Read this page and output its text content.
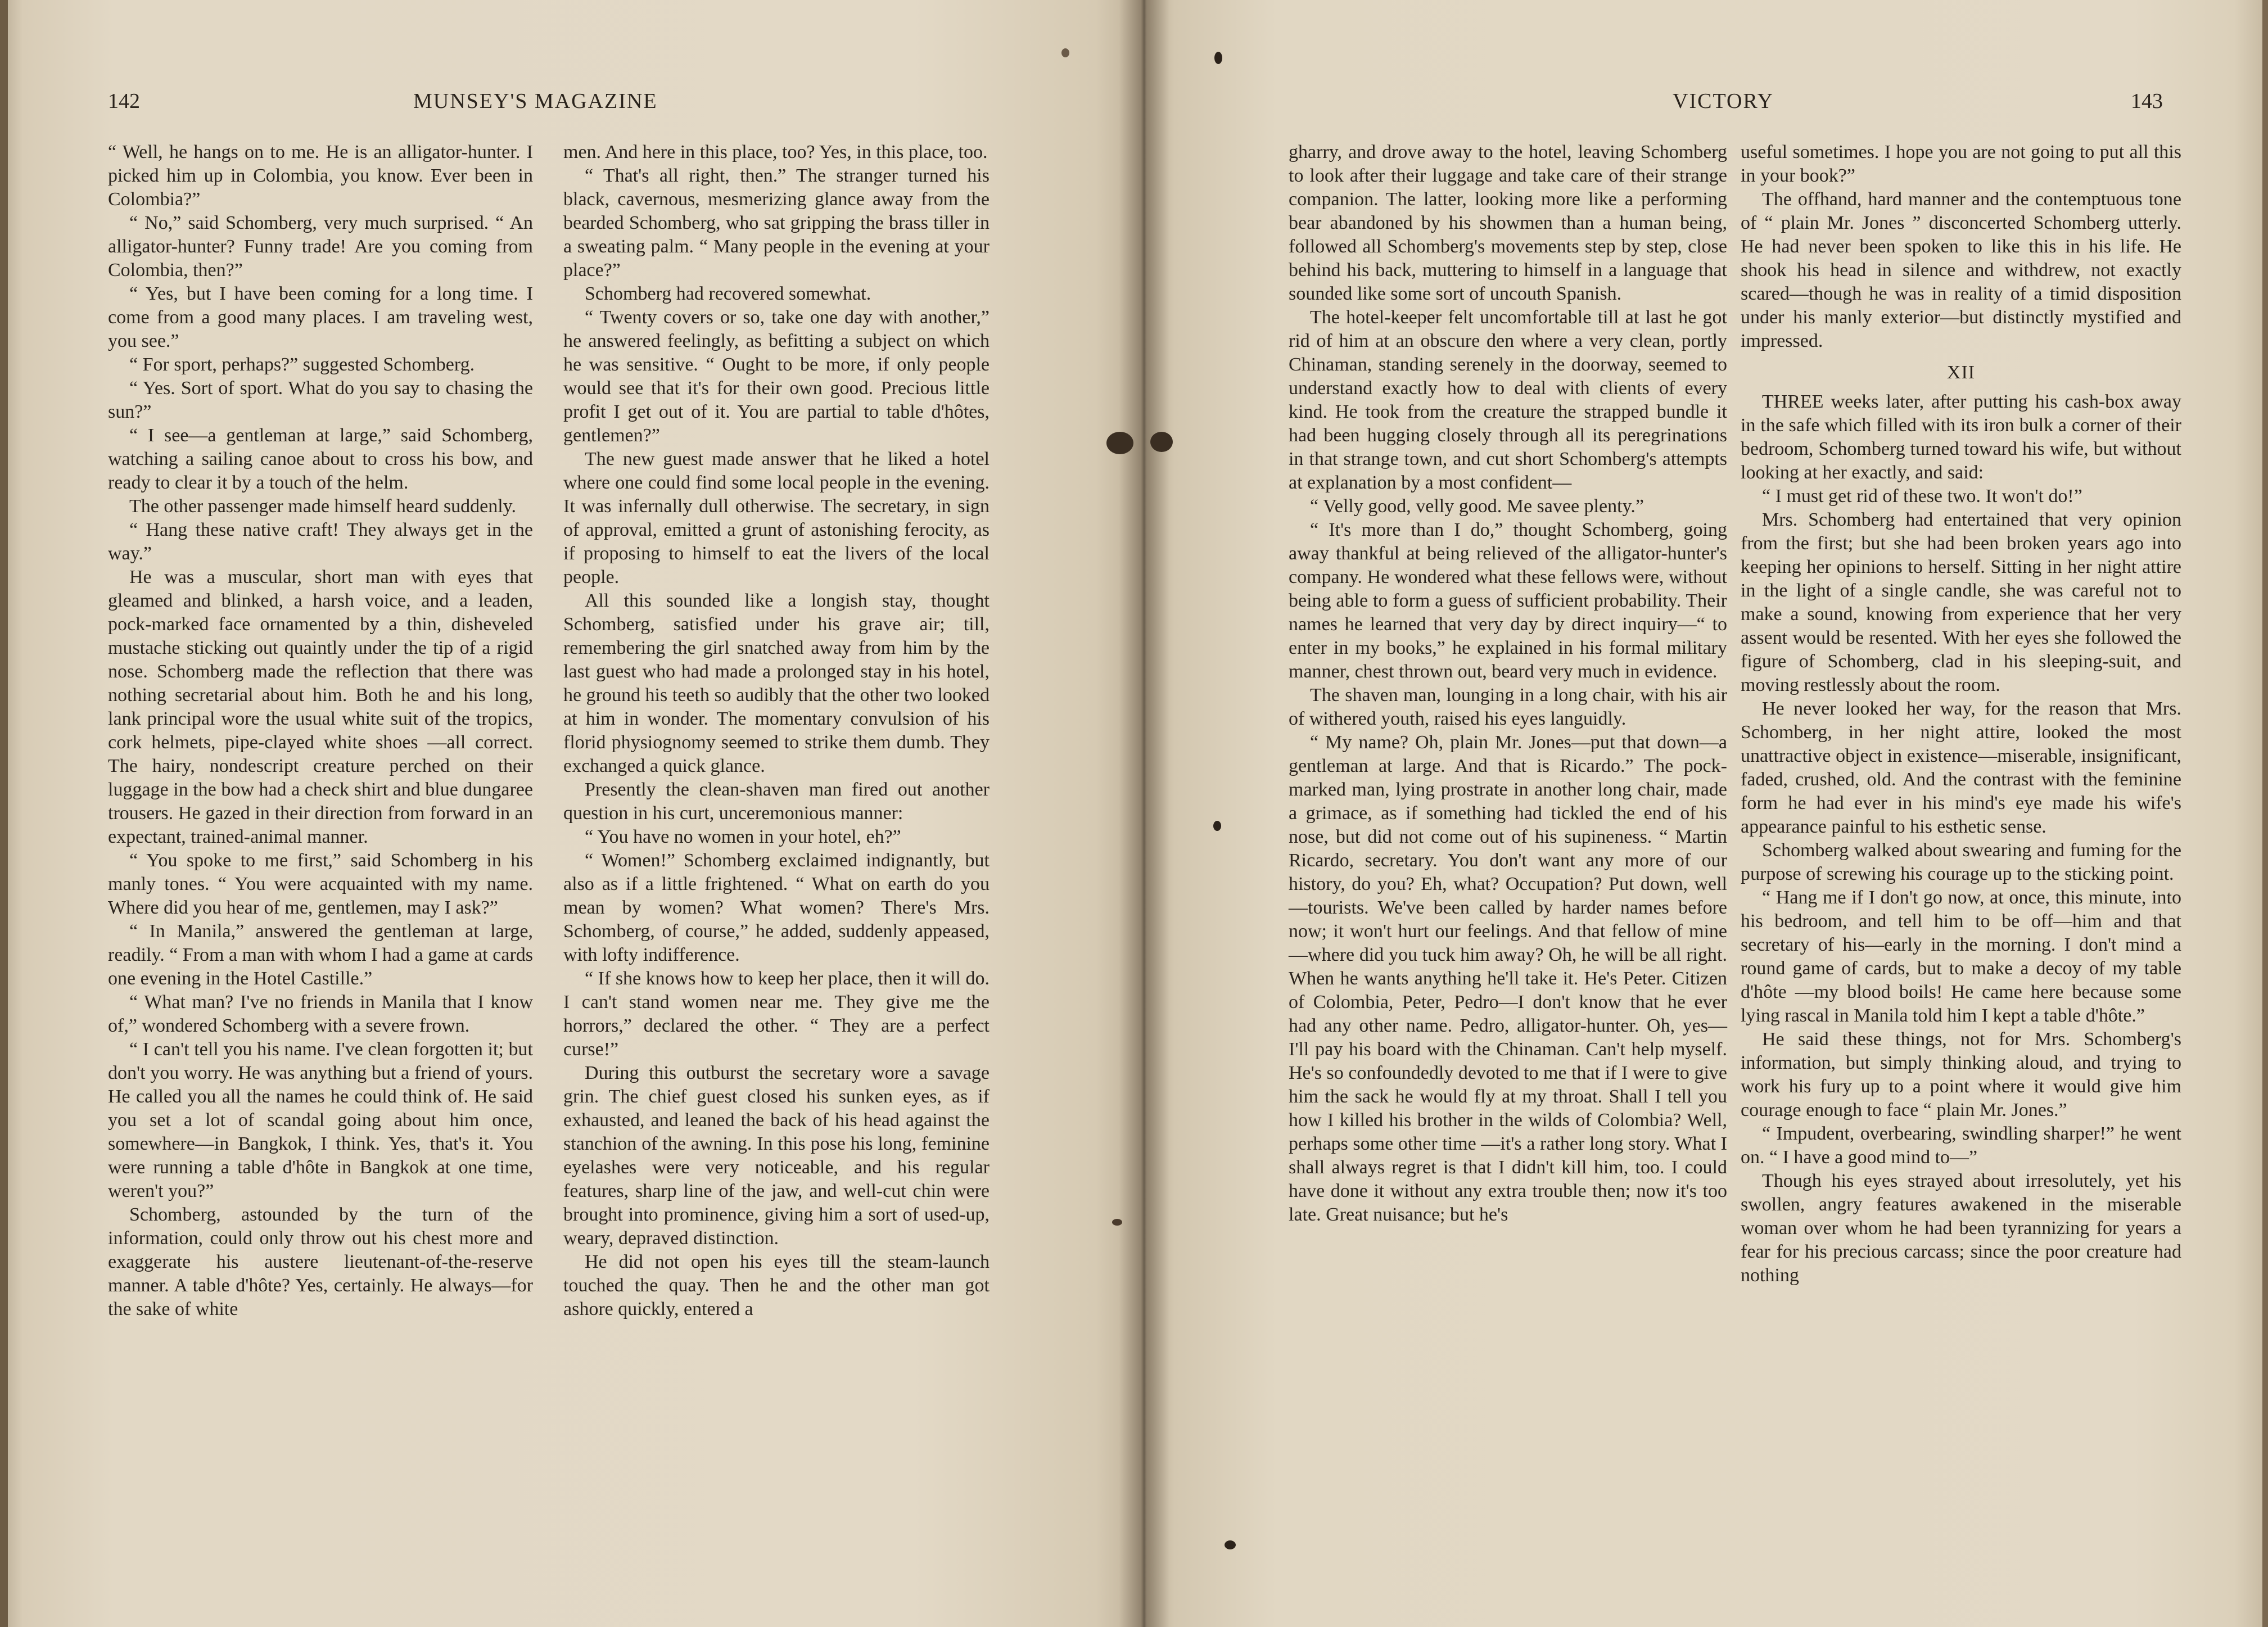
142	MUNSEY'S MAGAZINE

“ Well, he hangs on to me. He is an alligator-hunter. I picked him up in Colombia, you know. Ever been in Colombia?”

“ No,” said Schomberg, very much surprised. “ An alligator-hunter? Funny trade! Are you coming from Colombia, then?”

“ Yes, but I have been coming for a long time. I come from a good many places. I am traveling west, you see.”

“ For sport, perhaps?” suggested Schomberg.

“ Yes. Sort of sport. What do you say to chasing the sun?”

“ I see—a gentleman at large,” said Schomberg, watching a sailing canoe about to cross his bow, and ready to clear it by a touch of the helm.

The other passenger made himself heard suddenly.

“ Hang these native craft! They always get in the way.”

He was a muscular, short man with eyes that gleamed and blinked, a harsh voice, and a leaden, pock-marked face ornamented by a thin, disheveled mustache sticking out quaintly under the tip of a rigid nose. Schomberg made the reflection that there was nothing secretarial about him. Both he and his long, lank principal wore the usual white suit of the tropics, cork helmets, pipe-clayed white shoes —all correct. The hairy, nondescript creature perched on their luggage in the bow had a check shirt and blue dungaree trousers. He gazed in their direction from forward in an expectant, trained-animal manner.

“ You spoke to me first,” said Schomberg in his manly tones. “ You were acquainted with my name. Where did you hear of me, gentlemen, may I ask?”

“ In Manila,” answered the gentleman at large, readily. “ From a man with whom I had a game at cards one evening in the Hotel Castille.”

“ What man? I've no friends in Manila that I know of,” wondered Schomberg with a severe frown.

“ I can't tell you his name. I've clean forgotten it; but don't you worry. He was anything but a friend of yours. He called you all the names he could think of. He said you set a lot of scandal going about him once, somewhere—in Bangkok, I think. Yes, that's it. You were running a table d'hôte in Bangkok at one time, weren't you?”

Schomberg, astounded by the turn of the information, could only throw out his chest more and exaggerate his austere lieutenant-of-the-reserve manner. A table d'hôte? Yes, certainly. He always—for the sake of white

men. And here in this place, too? Yes, in this place, too.

“ That's all right, then.” The stranger turned his black, cavernous, mesmerizing glance away from the bearded Schomberg, who sat gripping the brass tiller in a sweating palm. “ Many people in the evening at your place?”

Schomberg had recovered somewhat.

“ Twenty covers or so, take one day with another,” he answered feelingly, as befitting a subject on which he was sensitive. “ Ought to be more, if only people would see that it's for their own good. Precious little profit I get out of it. You are partial to table d'hôtes, gentlemen?”

The new guest made answer that he liked a hotel where one could find some local people in the evening. It was infernally dull otherwise. The secretary, in sign of approval, emitted a grunt of astonishing ferocity, as if proposing to himself to eat the livers of the local people.

All this sounded like a longish stay, thought Schomberg, satisfied under his grave air; till, remembering the girl snatched away from him by the last guest who had made a prolonged stay in his hotel, he ground his teeth so audibly that the other two looked at him in wonder. The momentary convulsion of his florid physiognomy seemed to strike them dumb. They exchanged a quick glance.

Presently the clean-shaven man fired out another question in his curt, unceremonious manner:

“ You have no women in your hotel, eh?”

“ Women!” Schomberg exclaimed indignantly, but also as if a little frightened. “ What on earth do you mean by women? What women? There's Mrs. Schomberg, of course,” he added, suddenly appeased, with lofty indifference.

“ If she knows how to keep her place, then it will do. I can't stand women near me. They give me the horrors,” declared the other. “ They are a perfect curse!”

During this outburst the secretary wore a savage grin. The chief guest closed his sunken eyes, as if exhausted, and leaned the back of his head against the stanchion of the awning. In this pose his long, feminine eyelashes were very noticeable, and his regular features, sharp line of the jaw, and well-cut chin were brought into prominence, giving him a sort of used-up, weary, depraved distinction.

He did not open his eyes till the steam-launch touched the quay. Then he and the other man got ashore quickly, entered a

VICTORY	143

gharry, and drove away to the hotel, leaving Schomberg to look after their luggage and take care of their strange companion. The latter, looking more like a performing bear abandoned by his showmen than a human being, followed all Schomberg's movements step by step, close behind his back, muttering to himself in a language that sounded like some sort of uncouth Spanish.

The hotel-keeper felt uncomfortable till at last he got rid of him at an obscure den where a very clean, portly Chinaman, standing serenely in the doorway, seemed to understand exactly how to deal with clients of every kind. He took from the creature the strapped bundle it had been hugging closely through all its peregrinations in that strange town, and cut short Schomberg's attempts at explanation by a most confident—

“ Velly good, velly good. Me savee plenty.”

“ It's more than I do,” thought Schomberg, going away thankful at being relieved of the alligator-hunter's company. He wondered what these fellows were, without being able to form a guess of sufficient probability. Their names he learned that very day by direct inquiry—“ to enter in my books,” he explained in his formal military manner, chest thrown out, beard very much in evidence.

The shaven man, lounging in a long chair, with his air of withered youth, raised his eyes languidly.

“ My name? Oh, plain Mr. Jones—put that down—a gentleman at large. And that is Ricardo.” The pock-marked man, lying prostrate in another long chair, made a grimace, as if something had tickled the end of his nose, but did not come out of his supineness. “ Martin Ricardo, secretary. You don't want any more of our history, do you? Eh, what? Occupation? Put down, well—tourists. We've been called by harder names before now; it won't hurt our feelings. And that fellow of mine—where did you tuck him away? Oh, he will be all right. When he wants anything he'll take it. He's Peter. Citizen of Colombia, Peter, Pedro—I don't know that he ever had any other name. Pedro, alligator-hunter. Oh, yes—I'll pay his board with the Chinaman. Can't help myself. He's so confoundedly devoted to me that if I were to give him the sack he would fly at my throat. Shall I tell you how I killed his brother in the wilds of Colombia? Well, perhaps some other time —it's a rather long story. What I shall always regret is that I didn't kill him, too. I could have done it without any extra trouble then; now it's too late. Great nuisance; but he's

useful sometimes. I hope you are not going to put all this in your book?”

The offhand, hard manner and the contemptuous tone of “ plain Mr. Jones ” disconcerted Schomberg utterly. He had never been spoken to like this in his life. He shook his head in silence and withdrew, not exactly scared—though he was in reality of a timid disposition under his manly exterior—but distinctly mystified and impressed.

XII

THREE weeks later, after putting his cash-box away in the safe which filled with its iron bulk a corner of their bedroom, Schomberg turned toward his wife, but without looking at her exactly, and said:

“ I must get rid of these two. It won't do!”

Mrs. Schomberg had entertained that very opinion from the first; but she had been broken years ago into keeping her opinions to herself. Sitting in her night attire in the light of a single candle, she was careful not to make a sound, knowing from experience that her very assent would be resented. With her eyes she followed the figure of Schomberg, clad in his sleeping-suit, and moving restlessly about the room.

He never looked her way, for the reason that Mrs. Schomberg, in her night attire, looked the most unattractive object in existence—miserable, insignificant, faded, crushed, old. And the contrast with the feminine form he had ever in his mind's eye made his wife's appearance painful to his esthetic sense.

Schomberg walked about swearing and fuming for the purpose of screwing his courage up to the sticking point.

“ Hang me if I don't go now, at once, this minute, into his bedroom, and tell him to be off—him and that secretary of his—early in the morning. I don't mind a round game of cards, but to make a decoy of my table d'hôte —my blood boils! He came here because some lying rascal in Manila told him I kept a table d'hôte.”

He said these things, not for Mrs. Schomberg's information, but simply thinking aloud, and trying to work his fury up to a point where it would give him courage enough to face “ plain Mr. Jones.”

“ Impudent, overbearing, swindling sharper!” he went on. “ I have a good mind to—”

Though his eyes strayed about irresolutely, yet his swollen, angry features awakened in the miserable woman over whom he had been tyrannizing for years a fear for his precious carcass; since the poor creature had nothing
